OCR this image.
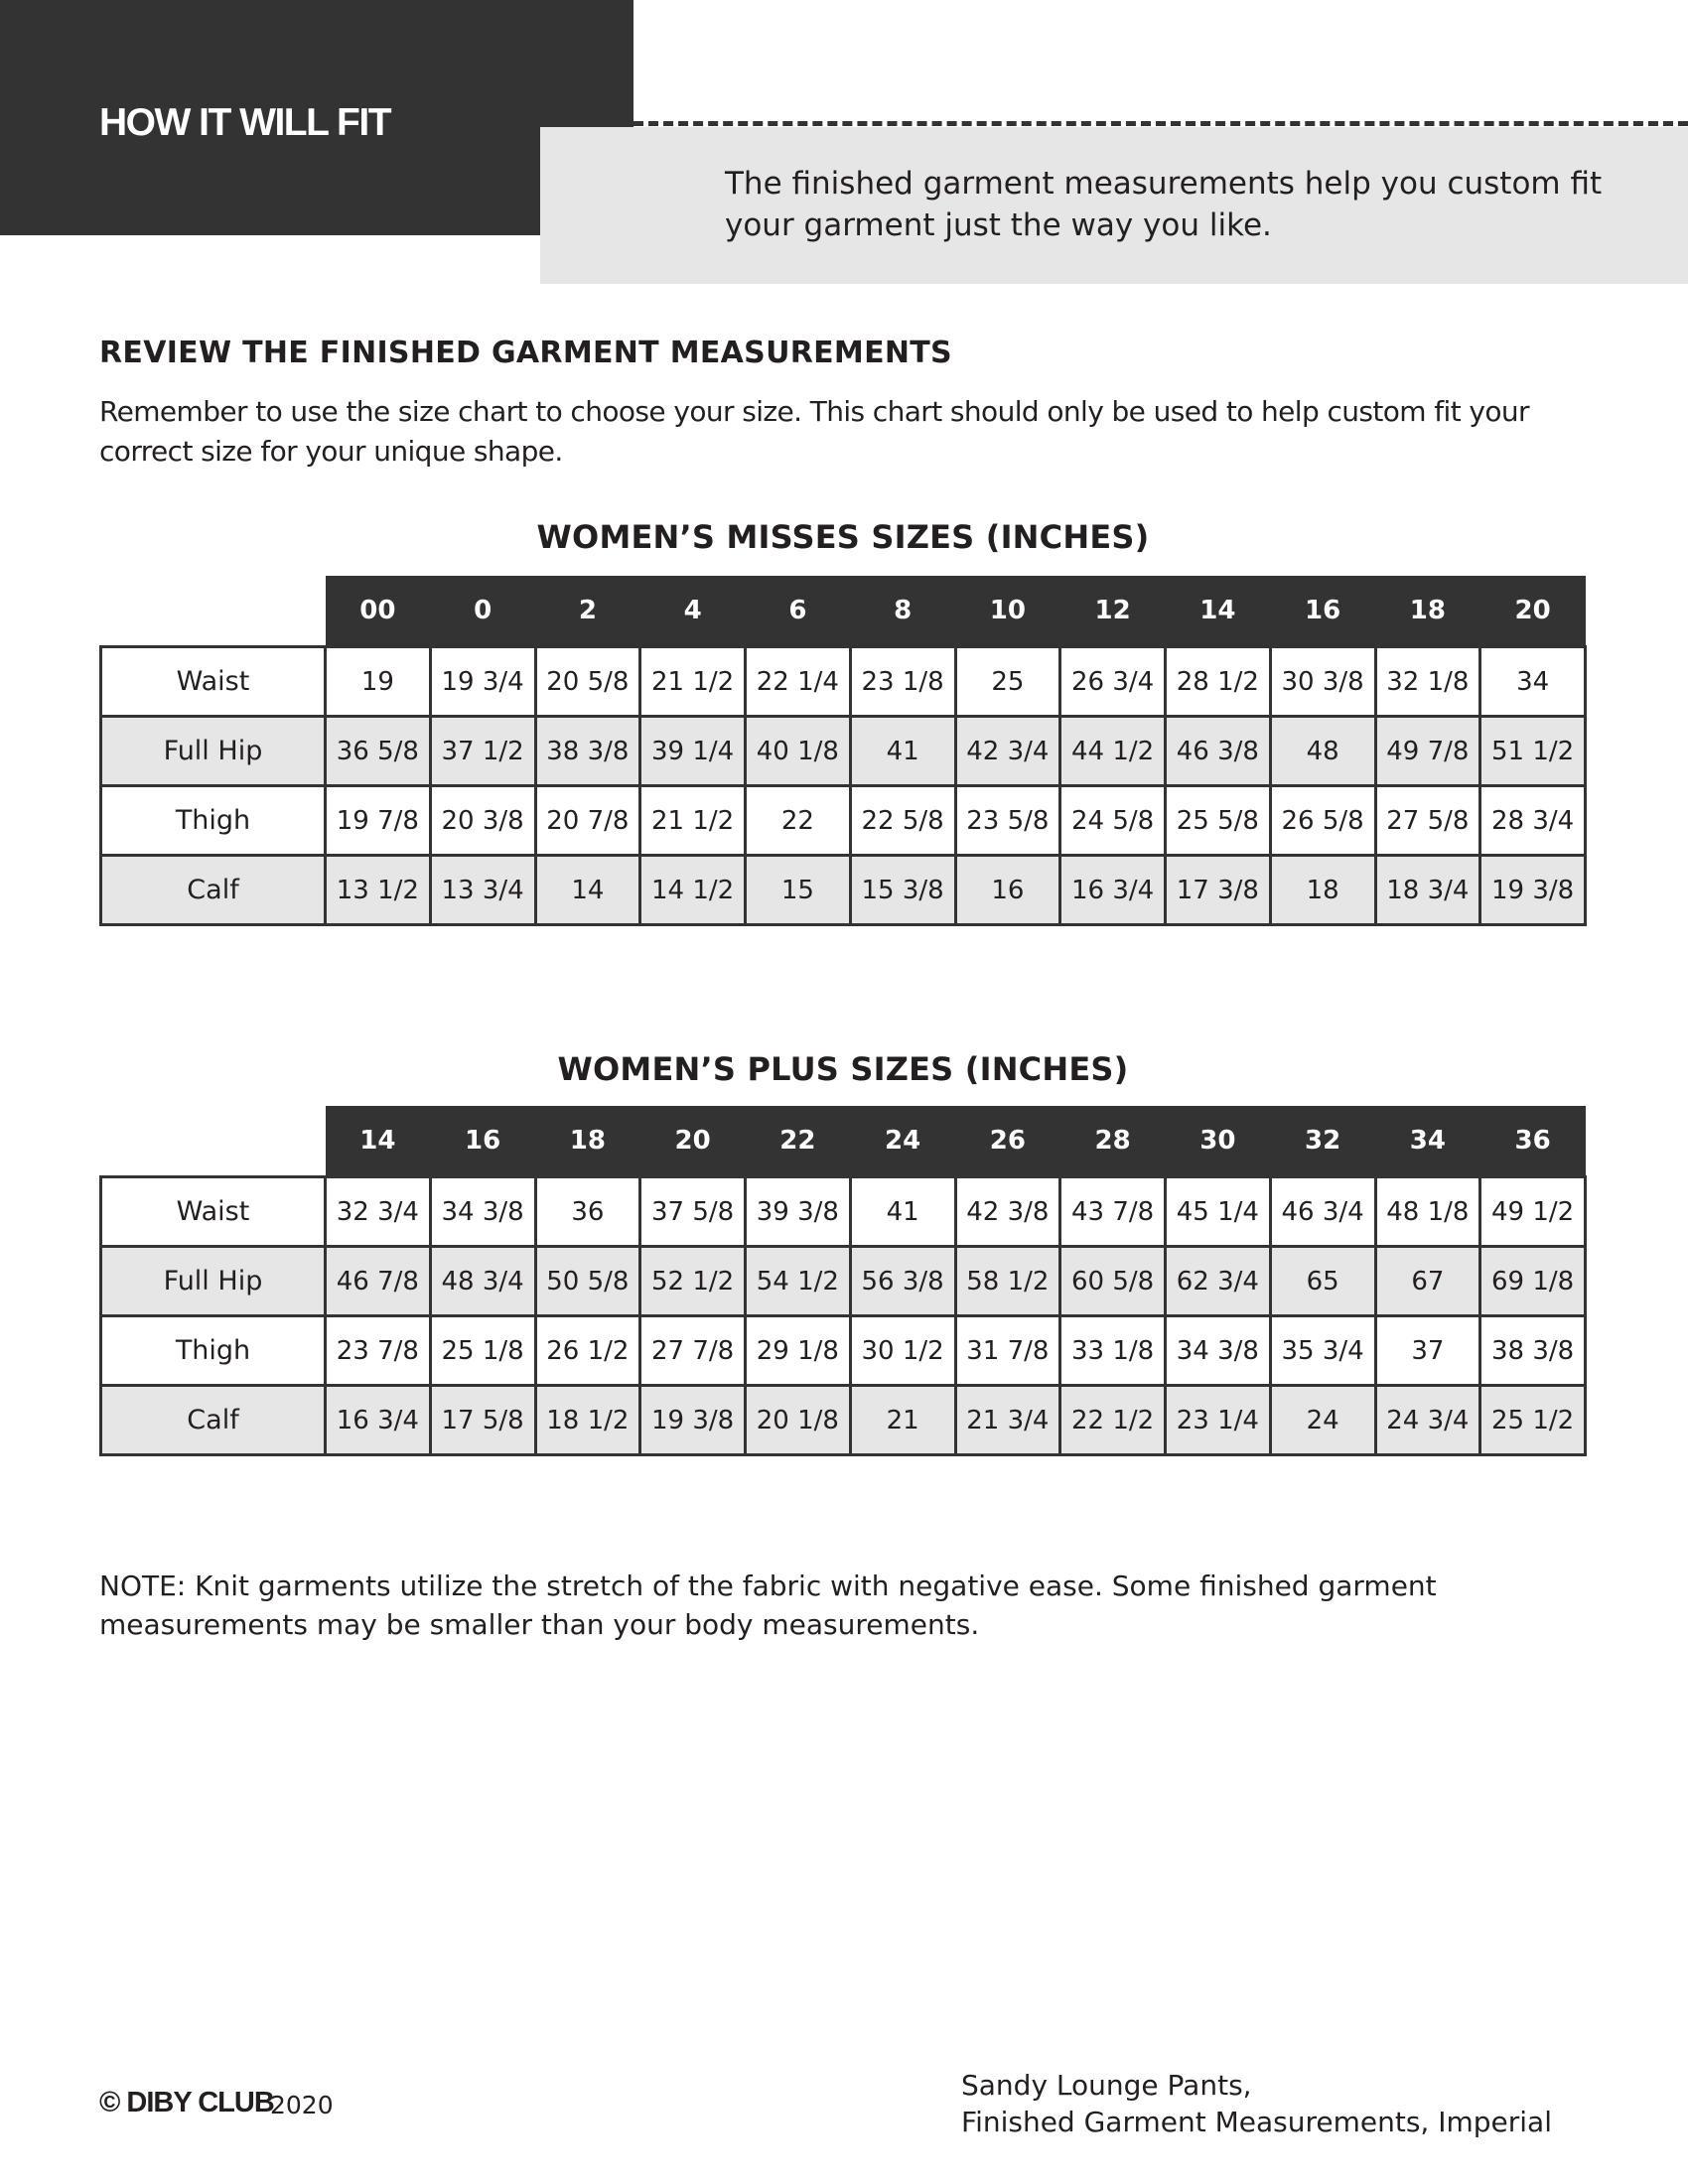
HOW IT WILL FIT

The finished garment measurements help you custom fit your garment just the way you like.

REVIEW THE FINISHED GARMENT MEASUREMENTS

Remember to use the size chart to choose your size. This chart should only be used to help custom fit your correct size for your unique shape.

WOMEN’S MISSES SIZES (INCHES)
	00	0	2	4	6	8	10	12	14	16	18	20
Waist	19	19 3/4	20 5/8	21 1/2	22 1/4	23 1/8	25	26 3/4	28 1/2	30 3/8	32 1/8	34
Full Hip	36 5/8	37 1/2	38 3/8	39 1/4	40 1/8	41	42 3/4	44 1/2	46 3/8	48	49 7/8	51 1/2
Thigh	19 7/8	20 3/8	20 7/8	21 1/2	22	22 5/8	23 5/8	24 5/8	25 5/8	26 5/8	27 5/8	28 3/4
Calf	13 1/2	13 3/4	14	14 1/2	15	15 3/8	16	16 3/4	17 3/8	18	18 3/4	19 3/8
WOMEN’S PLUS SIZES (INCHES)
	14	16	18	20	22	24	26	28	30	32	34	36
Waist	32 3/4	34 3/8	36	37 5/8	39 3/8	41	42 3/8	43 7/8	45 1/4	46 3/4	48 1/8	49 1/2
Full Hip	46 7/8	48 3/4	50 5/8	52 1/2	54 1/2	56 3/8	58 1/2	60 5/8	62 3/4	65	67	69 1/8
Thigh	23 7/8	25 1/8	26 1/2	27 7/8	29 1/8	30 1/2	31 7/8	33 1/8	34 3/8	35 3/4	37	38 3/8
Calf	16 3/4	17 5/8	18 1/2	19 3/8	20 1/8	21	21 3/4	22 1/2	23 1/4	24	24 3/4	25 1/2

NOTE: Knit garments utilize the stretch of the fabric with negative ease. Some finished garment measurements may be smaller than your body measurements.

© DIBY CLUB
2020

Sandy Lounge Pants,
Finished Garment Measurements, Imperial
